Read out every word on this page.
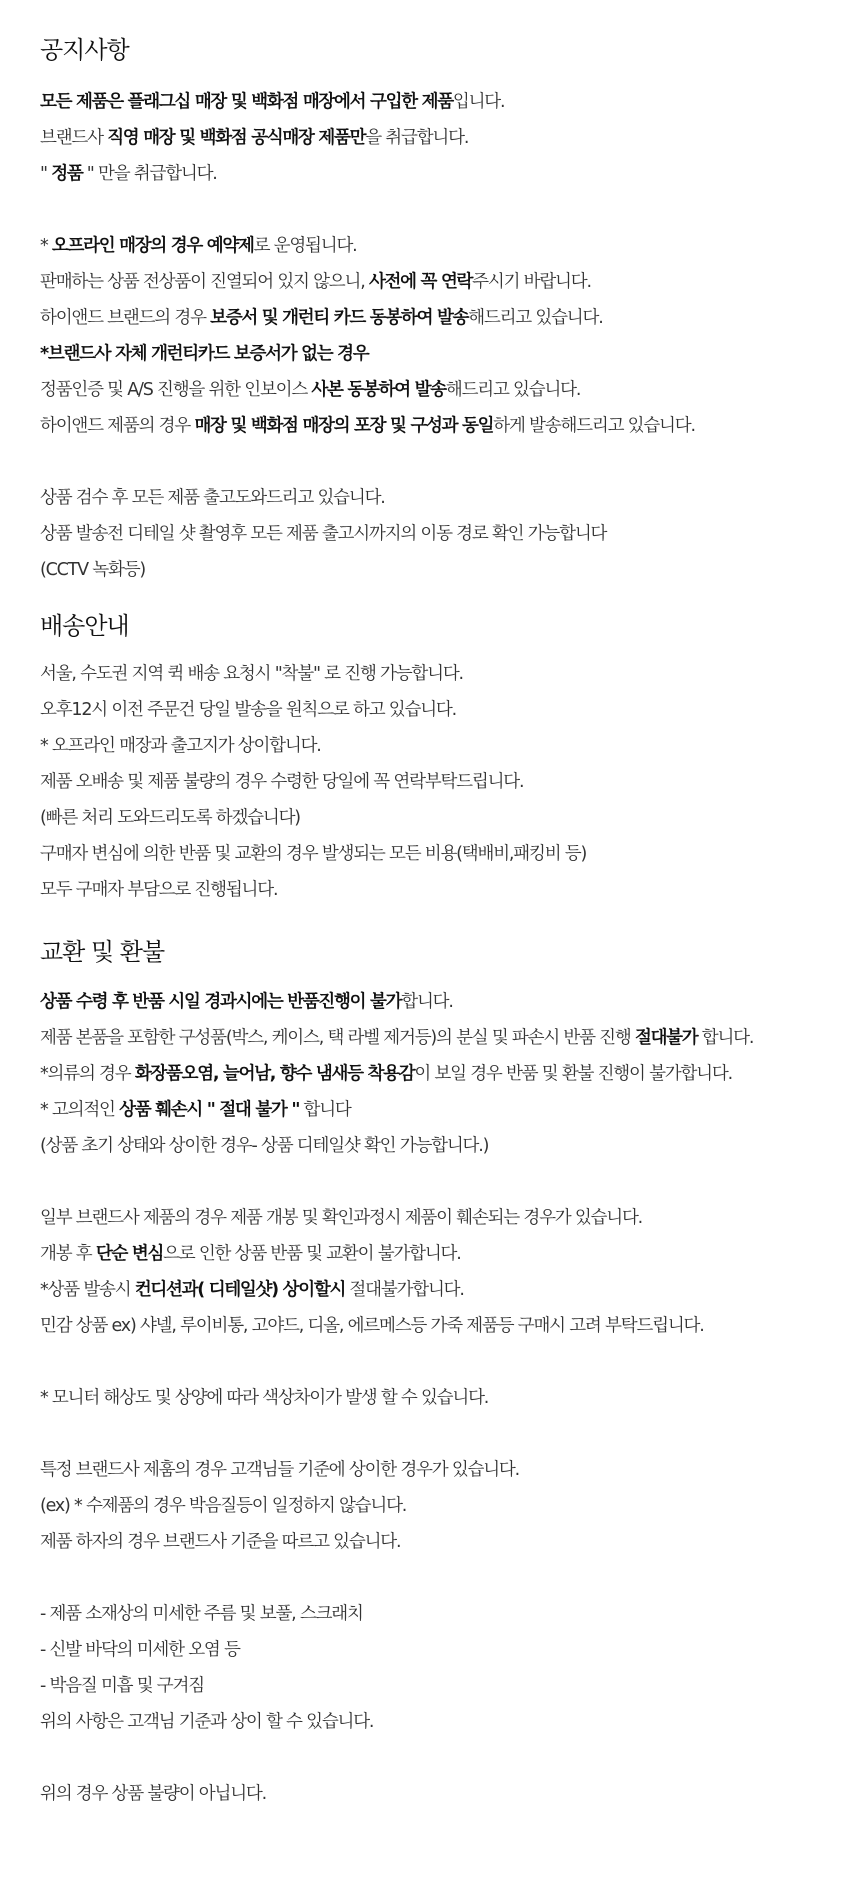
공지사항
모든 제품은 플래그십 매장 및 백화점 매장에서 구입한 제품입니다.
브랜드사 직영 매장 및 백화점 공식매장 제품만을 취급합니다.
" 정품 " 만을 취급합니다.
* 오프라인 매장의 경우 예약제로 운영됩니다.
판매하는 상품 전상품이 진열되어 있지 않으니, 사전에 꼭 연락주시기 바랍니다.
하이앤드 브랜드의 경우 보증서 및 개런티 카드 동봉하여 발송해드리고 있습니다.
*브랜드사 자체 개런티카드 보증서가 없는 경우
정품인증 및 A/S 진행을 위한 인보이스 사본 동봉하여 발송해드리고 있습니다.
하이앤드 제품의 경우 매장 및 백화점 매장의 포장 및 구성과 동일하게 발송해드리고 있습니다.
상품 검수 후 모든 제품 출고도와드리고 있습니다.
상품 발송전 디테일 샷 촬영후 모든 제품 출고시까지의 이동 경로 확인 가능합니다
(CCTV 녹화등)
배송안내
서울, 수도권 지역 퀵 배송 요청시 "착불" 로 진행 가능합니다.
오후12시 이전 주문건 당일 발송을 원칙으로 하고 있습니다.
* 오프라인 매장과 출고지가 상이합니다.
제품 오배송 및 제품 불량의 경우 수령한 당일에 꼭 연락부탁드립니다.
(빠른 처리 도와드리도록 하겠습니다)
구매자 변심에 의한 반품 및 교환의 경우 발생되는 모든 비용(택배비,패킹비 등)
모두 구매자 부담으로 진행됩니다.
교환 및 환불
상품 수령 후 반품 시일 경과시에는 반품진행이 불가합니다.
제품 본품을 포함한 구성품(박스, 케이스, 택 라벨 제거등)의 분실 및 파손시 반품 진행 절대불가 합니다.
*의류의 경우 화장품오염, 늘어남, 향수 냄새등 착용감이 보일 경우 반품 및 환불 진행이 불가합니다.
* 고의적인 상품 훼손시 " 절대 불가 " 합니다
(상품 초기 상태와 상이한 경우- 상품 디테일샷 확인 가능합니다.)
일부 브랜드사 제품의 경우 제품 개봉 및 확인과정시 제품이 훼손되는 경우가 있습니다.
개봉 후 단순 변심으로 인한 상품 반품 및 교환이 불가합니다.
*상품 발송시 컨디션과( 디테일샷) 상이할시 절대불가합니다.
민감 상품 ex) 샤넬, 루이비통, 고야드, 디올, 에르메스등 가죽 제품등 구매시 고려 부탁드립니다.
* 모니터 해상도 및 상양에 따라 색상차이가 발생 할 수 있습니다.
특정 브랜드사 제훔의 경우 고객님들 기준에 상이한 경우가 있습니다.
(ex) * 수제품의 경우 박음질등이 일정하지 않습니다.
제품 하자의 경우 브랜드사 기준을 따르고 있습니다.
- 제품 소재상의 미세한 주름 및 보풀, 스크래치
- 신발 바닥의 미세한 오염 등
- 박음질 미흡 및 구겨짐
위의 사항은 고객님 기준과 상이 할 수 있습니다.
위의 경우 상품 불량이 아닙니다.
